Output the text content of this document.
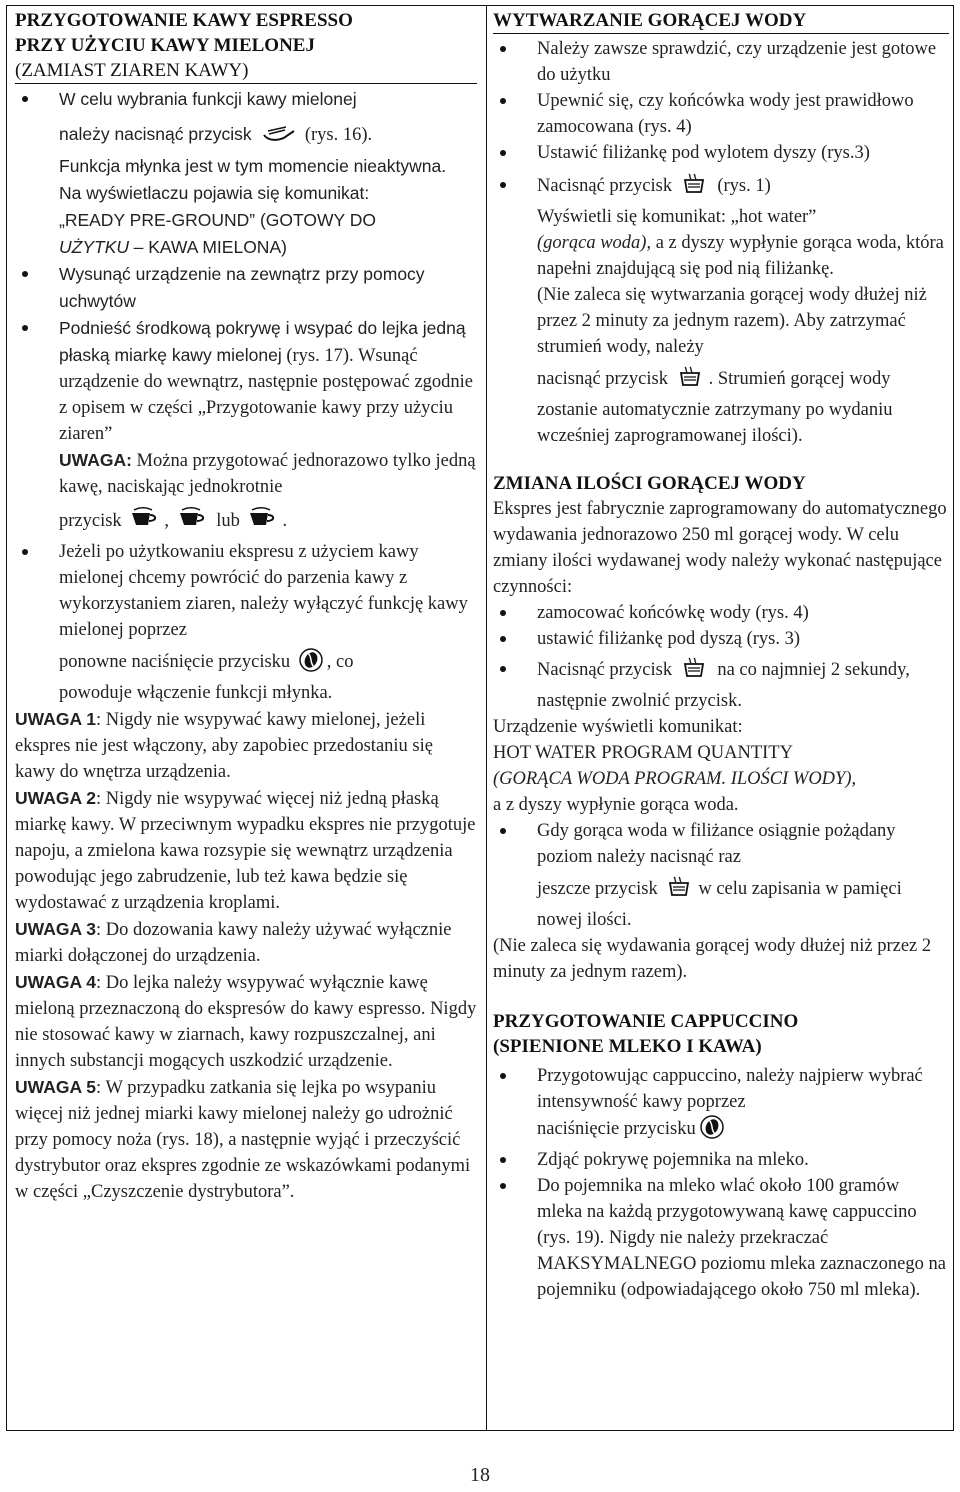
PRZYGOTOWANIE KAWY ESPRESSO
PRZY UŻYCIU KAWY MIELONEJ
(ZAMIAST ZIAREN KAWY)
W celu wybrania funkcji kawy mielonej
należy nacisnąć przycisk	(rys. 16).
Funkcja młynka jest w tym momencie nieaktywna.
Na wyświetlaczu pojawia się komunikat:
„READY PRE-GROUND” (GOTOWY DO
UŻYTKU – KAWA MIELONA)
Wysunąć urządzenie na zewnątrz przy pomocy uchwytów
Podnieść środkową pokrywę i wsypać do lejka jedną płaską miarkę kawy mielonej (rys. 17). Wsunąć urządzenie do wewnątrz, następnie postępować zgodnie z opisem w części „Przygotowanie kawy przy użyciu ziaren”
UWAGA: Można przygotować jednorazowo tylko jedną kawę, naciskając jednokrotnie
przycisk ,	lub .
Jeżeli po użytkowaniu ekspresu z użyciem kawy mielonej chcemy powrócić do parzenia kawy z wykorzystaniem ziaren, należy wyłączyć funkcję kawy mielonej poprzez
ponowne naciśnięcie przycisku , co
powoduje włączenie funkcji młynka.

UWAGA 1: Nigdy nie wsypywać kawy mielonej, jeżeli ekspres nie jest włączony, aby zapobiec przedostaniu się kawy do wnętrza urządzenia.

UWAGA 2: Nigdy nie wsypywać więcej niż jedną płaską miarkę kawy. W przeciwnym wypadku ekspres nie przygotuje napoju, a zmielona kawa rozsypie się wewnątrz urządzenia powodując jego zabrudzenie, lub też kawa będzie się wydostawać z urządzenia kroplami.

UWAGA 3: Do dozowania kawy należy używać wyłącznie miarki dołączonej do urządzenia.

UWAGA 4: Do lejka należy wsypywać wyłącznie kawę mieloną przeznaczoną do ekspresów do kawy espresso. Nigdy nie stosować kawy w ziarnach, kawy rozpuszczalnej, ani innych substancji mogących uszkodzić urządzenie.

UWAGA 5: W przypadku zatkania się lejka po wsypaniu więcej niż jednej miarki kawy mielonej należy go udrożnić przy pomocy noża (rys. 18), a następnie wyjąć i przeczyścić dystrybutor oraz ekspres zgodnie ze wskazówkami podanymi w części „Czyszczenie dystrybutora”.

WYTWARZANIE GORĄCEJ WODY
Należy zawsze sprawdzić, czy urządzenie jest gotowe do użytku
Upewnić się, czy końcówka wody jest prawidłowo zamocowana (rys. 4)
Ustawić filiżankę pod wylotem dyszy (rys.3)
Nacisnąć przycisk (rys. 1)
Wyświetli się komunikat: „hot water”
(gorąca woda), a z dyszy wypłynie gorąca woda, która napełni znajdującą się pod nią filiżankę.
(Nie zaleca się wytwarzania gorącej wody dłużej niż przez 2 minuty za jednym razem). Aby zatrzymać strumień wody, należy
nacisnąć przycisk . Strumień gorącej wody zostanie automatycznie zatrzymany po wydaniu wcześniej zaprogramowanej ilości).
ZMIANA ILOŚCI GORĄCEJ WODY

Ekspres jest fabrycznie zaprogramowany do automatycznego wydawania jednorazowo 250 ml gorącej wody. W celu zmiany ilości wydawanej wody należy wykonać następujące czynności:

zamocować końcówkę wody (rys. 4)
ustawić filiżankę pod dyszą (rys. 3)
Nacisnąć przycisk na co najmniej 2 sekundy, następnie zwolnić przycisk.

Urządzenie wyświetli komunikat:
HOT WATER PROGRAM QUANTITY
(GORĄCA WODA PROGRAM. ILOŚCI WODY),
a z dyszy wypłynie gorąca woda.

Gdy gorąca woda w filiżance osiągnie pożądany poziom należy nacisnąć raz
jeszcze przycisk w celu zapisania w pamięci nowej ilości.

(Nie zaleca się wydawania gorącej wody dłużej niż przez 2 minuty za jednym razem).

PRZYGOTOWANIE CAPPUCCINO
(SPIENIONE MLEKO I KAWA)
Przygotowując cappuccino, należy najpierw wybrać intensywność kawy poprzez
naciśnięcie przycisku
Zdjąć pokrywę pojemnika na mleko.
Do pojemnika na mleko wlać około 100 gramów mleka na każdą przygotowywaną kawę cappuccino (rys. 19). Nigdy nie należy przekraczać MAKSYMALNEGO poziomu mleka zaznaczonego na pojemniku (odpowiadającego około 750 ml mleka).
18
